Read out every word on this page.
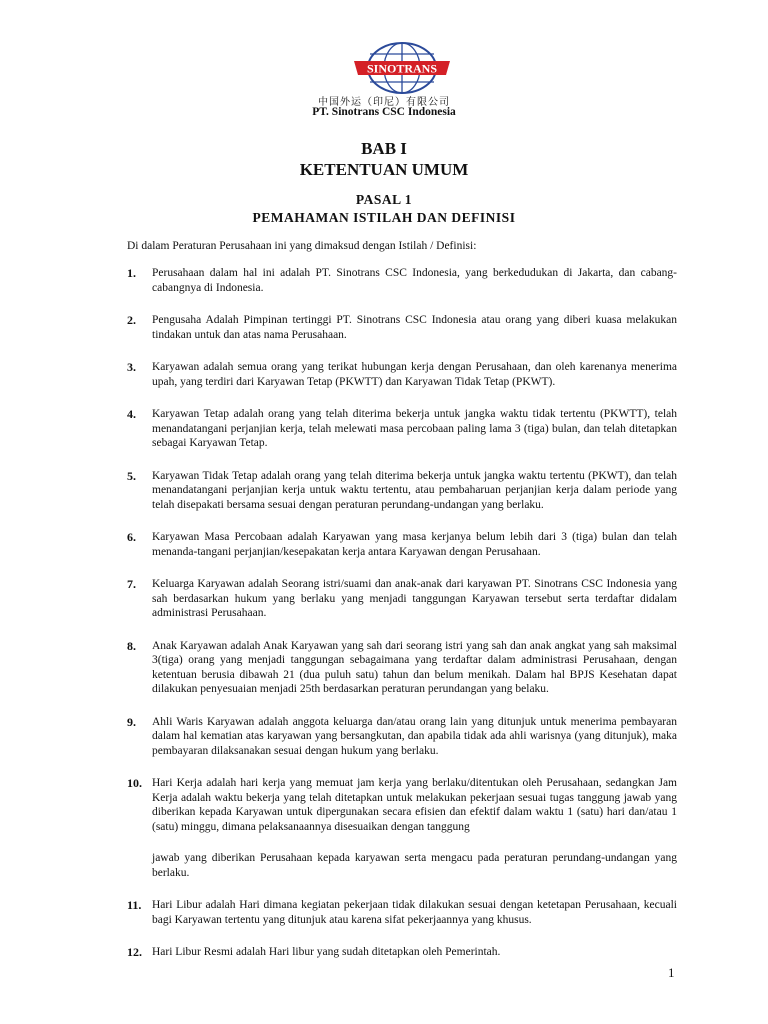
SINOTRANS
中国外运（印尼）有限公司
PT. Sinotrans CSC Indonesia
BAB I
KETENTUAN UMUM
PASAL 1
PEMAHAMAN ISTILAH DAN DEFINISI
Di dalam Peraturan Perusahaan ini yang dimaksud dengan Istilah / Definisi:
1. Perusahaan dalam hal ini adalah PT. Sinotrans CSC Indonesia, yang berkedudukan di Jakarta, dan cabang- cabangnya di Indonesia.
2. Pengusaha Adalah Pimpinan tertinggi PT. Sinotrans CSC Indonesia atau orang yang diberi kuasa melakukan tindakan untuk dan atas nama Perusahaan.
3. Karyawan adalah semua orang yang terikat hubungan kerja dengan Perusahaan, dan oleh karenanya menerima upah, yang terdiri dari Karyawan Tetap (PKWTT) dan Karyawan Tidak Tetap (PKWT).
4. Karyawan Tetap adalah orang yang telah diterima bekerja untuk jangka waktu tidak tertentu (PKWTT), telah menandatangani perjanjian kerja, telah melewati masa percobaan paling lama 3 (tiga) bulan, dan telah ditetapkan sebagai Karyawan Tetap.
5. Karyawan Tidak Tetap adalah orang yang telah diterima bekerja untuk jangka waktu tertentu (PKWT), dan telah menandatangani perjanjian kerja untuk waktu tertentu, atau pembaharuan perjanjian kerja dalam periode yang telah disepakati bersama sesuai dengan peraturan perundang-undangan yang berlaku.
6. Karyawan Masa Percobaan adalah Karyawan yang masa kerjanya belum lebih dari 3 (tiga) bulan dan telah menanda-tangani perjanjian/kesepakatan kerja antara Karyawan dengan Perusahaan.
7. Keluarga Karyawan adalah Seorang istri/suami dan anak-anak dari karyawan PT. Sinotrans CSC Indonesia yang sah berdasarkan hukum yang berlaku yang menjadi tanggungan Karyawan tersebut serta terdaftar didalam administrasi Perusahaan.
8. Anak Karyawan adalah Anak Karyawan yang sah dari seorang istri yang sah dan anak angkat yang sah maksimal 3(tiga) orang yang menjadi tanggungan sebagaimana yang terdaftar dalam administrasi Perusahaan, dengan ketentuan berusia dibawah 21 (dua puluh satu) tahun dan belum menikah. Dalam hal BPJS Kesehatan dapat dilakukan penyesuaian menjadi 25th berdasarkan peraturan perundangan yang belaku.
9. Ahli Waris Karyawan adalah anggota keluarga dan/atau orang lain yang ditunjuk untuk menerima pembayaran dalam hal kematian atas karyawan yang bersangkutan, dan apabila tidak ada ahli warisnya (yang ditunjuk), maka pembayaran dilaksanakan sesuai dengan hukum yang berlaku.
10. Hari Kerja adalah hari kerja yang memuat jam kerja yang berlaku/ditentukan oleh Perusahaan, sedangkan Jam Kerja adalah waktu bekerja yang telah ditetapkan untuk melakukan pekerjaan sesuai tugas tanggung jawab yang diberikan kepada Karyawan untuk dipergunakan secara efisien dan efektif dalam waktu 1 (satu) hari dan/atau 1 (satu) minggu, dimana pelaksanaannya disesuaikan dengan tanggung
jawab yang diberikan Perusahaan kepada karyawan serta mengacu pada peraturan perundang-undangan yang berlaku.
11. Hari Libur adalah Hari dimana kegiatan pekerjaan tidak dilakukan sesuai dengan ketetapan Perusahaan, kecuali bagi Karyawan tertentu yang ditunjuk atau karena sifat pekerjaannya yang khusus.
12. Hari Libur Resmi adalah Hari libur yang sudah ditetapkan oleh Pemerintah.
1
